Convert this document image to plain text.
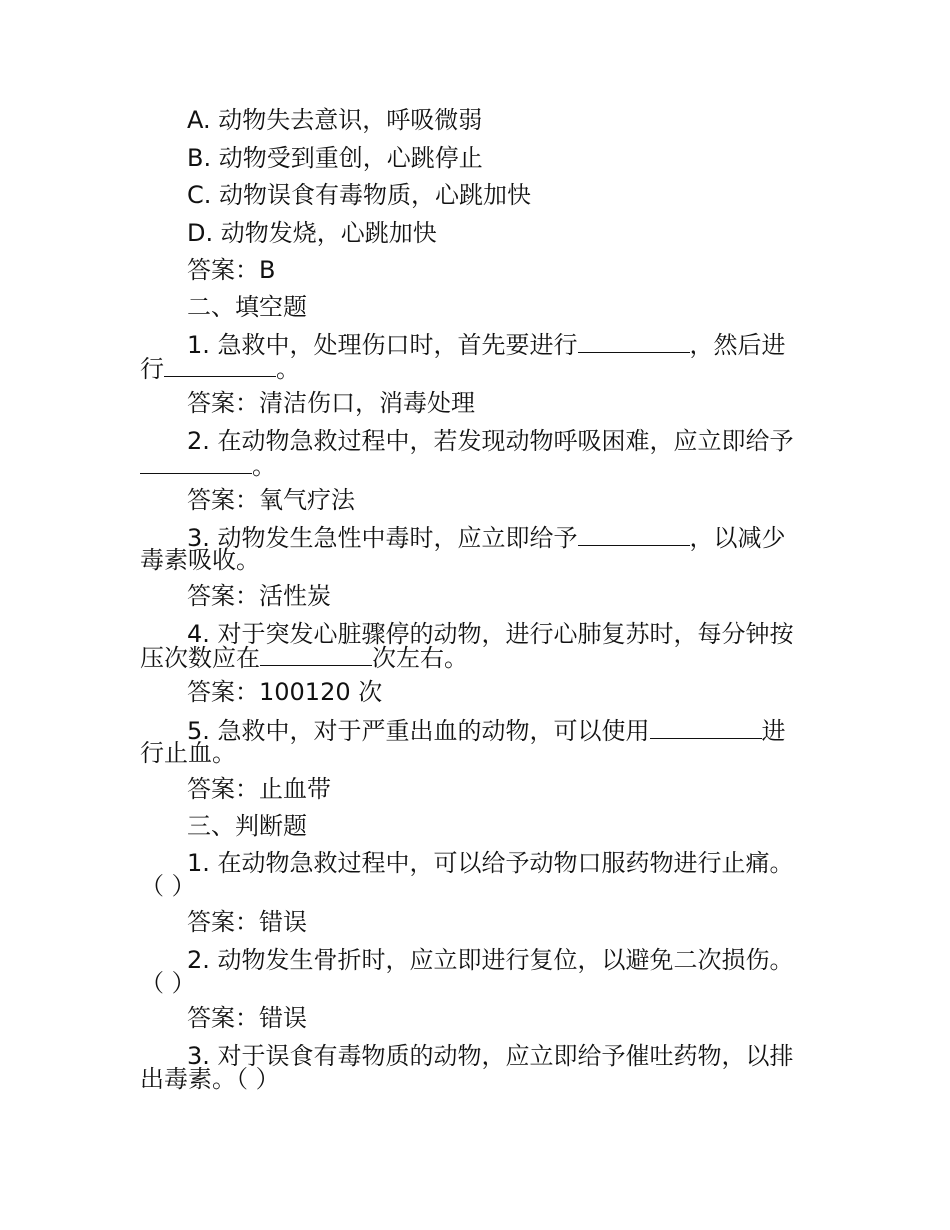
A. 动物失去意识，呼吸微弱
B. 动物受到重创，心跳停止
C. 动物误食有毒物质，心跳加快
D. 动物发烧，心跳加快
答案：B
二、填空题
1. 急救中，处理伤口时，首先要进行	，然后进
行	。
答案：清洁伤口，消毒处理
2. 在动物急救过程中，若发现动物呼吸困难，应立即给予
。
答案：氧气疗法
3. 动物发生急性中毒时，应立即给予	，以减少
毒素吸收。
答案：活性炭
4. 对于突发心脏骤停的动物，进行心肺复苏时，每分钟按
压次数应在	次左右。
答案：100120 次
5. 急救中，对于严重出血的动物，可以使用	进
行止血。
答案：止血带
三、判断题
1. 在动物急救过程中，可以给予动物口服药物进行止痛。
（ ）
答案：错误
2. 动物发生骨折时，应立即进行复位，以避免二次损伤。
（ ）
答案：错误
3. 对于误食有毒物质的动物，应立即给予催吐药物，以排
出毒素。（ ）
